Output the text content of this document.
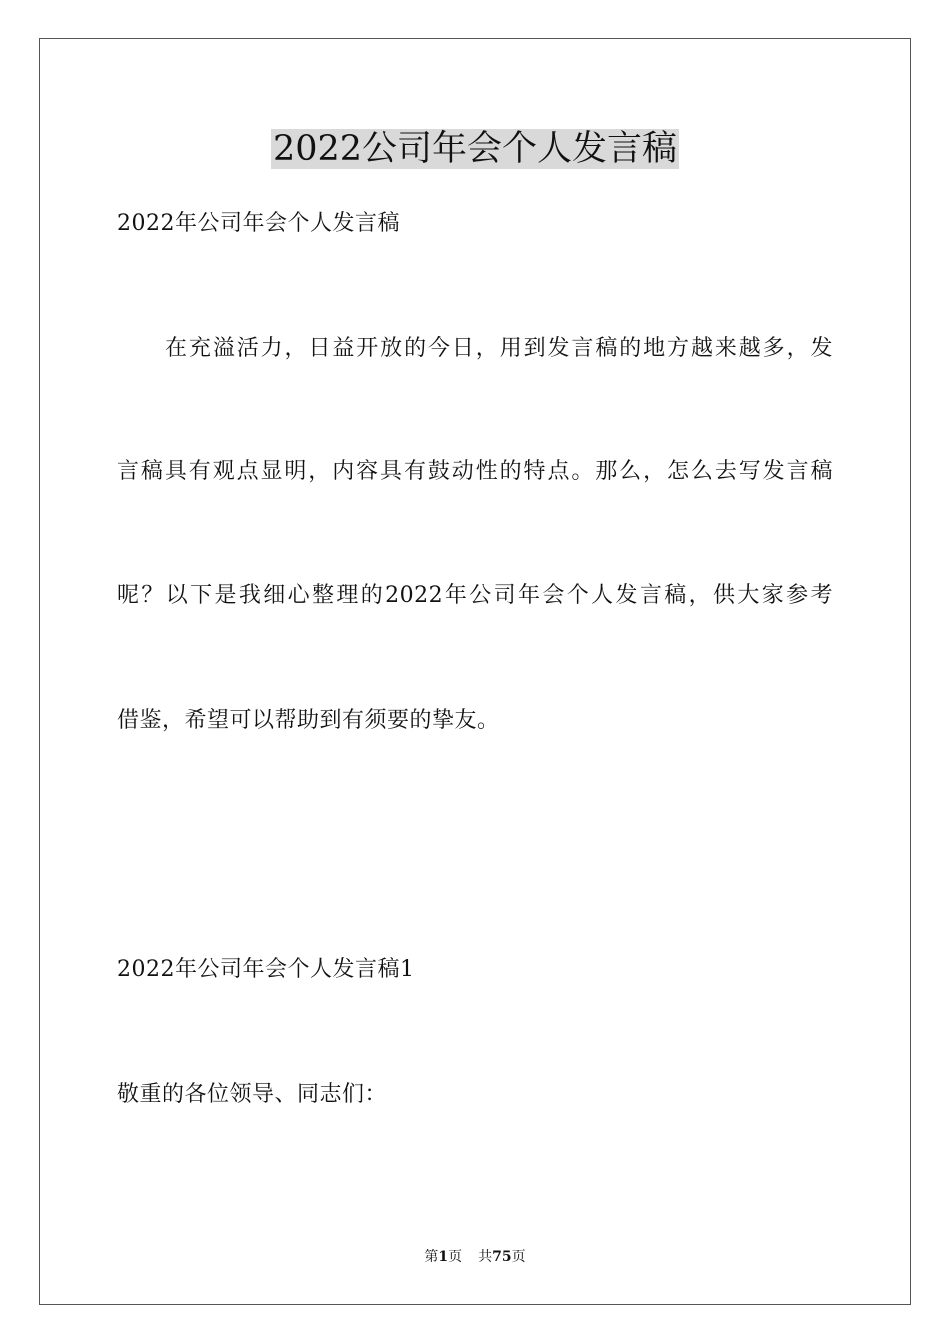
2022公司年会个人发言稿
2022年公司年会个人发言稿
在充溢活力，日益开放的今日，用到发言稿的地方越来越多，发
言稿具有观点显明，内容具有鼓动性的特点。那么，怎么去写发言稿
呢？以下是我细心整理的2022年公司年会个人发言稿，供大家参考
借鉴，希望可以帮助到有须要的挚友。
2022年公司年会个人发言稿1
敬重的各位领导、同志们：
第1页 共75页
